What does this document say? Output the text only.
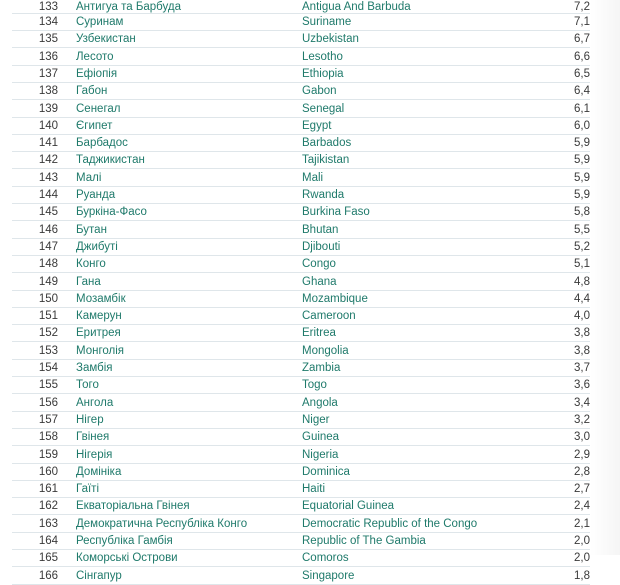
133	Антигуа та Барбуда	Antigua And Barbuda	7,2
134	Суринам	Suriname	7,1
135	Узбекистан	Uzbekistan	6,7
136	Лесото	Lesotho	6,6
137	Ефіопія	Ethiopia	6,5
138	Габон	Gabon	6,4
139	Сенегал	Senegal	6,1
140	Єгипет	Egypt	6,0
141	Барбадос	Barbados	5,9
142	Таджикистан	Tajikistan	5,9
143	Малі	Mali	5,9
144	Руанда	Rwanda	5,9
145	Буркіна-Фасо	Burkina Faso	5,8
146	Бутан	Bhutan	5,5
147	Джибуті	Djibouti	5,2
148	Конго	Congo	5,1
149	Гана	Ghana	4,8
150	Мозамбік	Mozambique	4,4
151	Камерун	Cameroon	4,0
152	Еритрея	Eritrea	3,8
153	Монголія	Mongolia	3,8
154	Замбія	Zambia	3,7
155	Того	Togo	3,6
156	Ангола	Angola	3,4
157	Нігер	Niger	3,2
158	Гвінея	Guinea	3,0
159	Нігерія	Nigeria	2,9
160	Домініка	Dominica	2,8
161	Гаїті	Haiti	2,7
162	Екваторіальна Гвінея	Equatorial Guinea	2,4
163	Демократична Республіка Конго	Democratic Republic of the Congo	2,1
164	Республіка Гамбія	Republic of The Gambia	2,0
165	Коморські Острови	Comoros	2,0
166	Сінгапур	Singapore	1,8
